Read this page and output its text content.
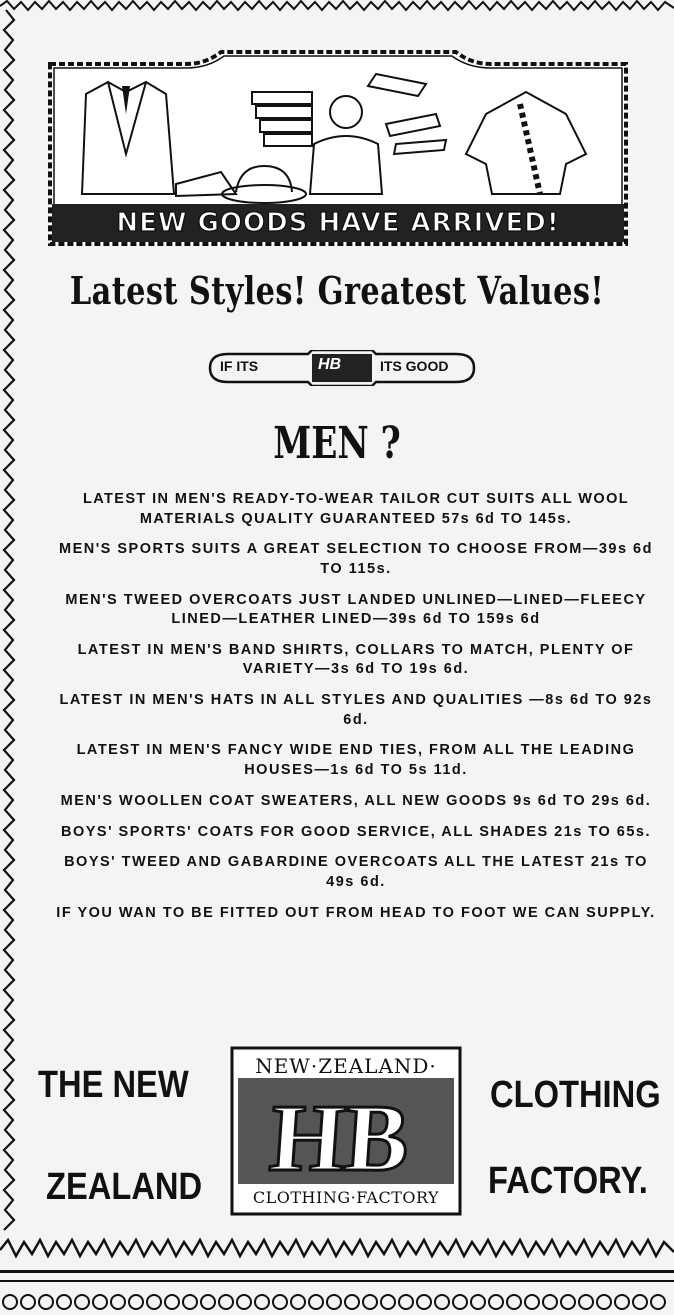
NEW GOODS HAVE ARRIVED!
Latest Styles! Greatest Values!
IF ITS	HB	ITS GOOD
MEN ?
LATEST IN MEN'S READY-TO-WEAR TAILOR CUT SUITS ALL WOOL MATERIALS QUALITY GUARANTEED 57s 6d TO 145s.
MEN'S SPORTS SUITS A GREAT SELECTION TO CHOOSE FROM—39s 6d TO 115s.
MEN'S TWEED OVERCOATS JUST LANDED UNLINED—LINED—FLEECY LINED—LEATHER LINED—39s 6d TO 159s 6d
LATEST IN MEN'S BAND SHIRTS, COLLARS TO MATCH, PLENTY OF VARIETY—3s 6d TO 19s 6d.
LATEST IN MEN'S HATS IN ALL STYLES AND QUALITIES —8s 6d TO 92s 6d.
LATEST IN MEN'S FANCY WIDE END TIES, FROM ALL THE LEADING HOUSES—1s 6d TO 5s 11d.
MEN'S WOOLLEN COAT SWEATERS, ALL NEW GOODS 9s 6d TO 29s 6d.
BOYS' SPORTS' COATS FOR GOOD SERVICE, ALL SHADES 21s TO 65s.
BOYS' TWEED AND GABARDINE OVERCOATS ALL THE LATEST 21s TO 49s 6d.
IF YOU WAN TO BE FITTED OUT FROM HEAD TO FOOT WE CAN SUPPLY.
THE NEW
ZEALAND
CLOTHING
FACTORY.
HB
NEW·ZEALAND·
CLOTHING·FACTORY
